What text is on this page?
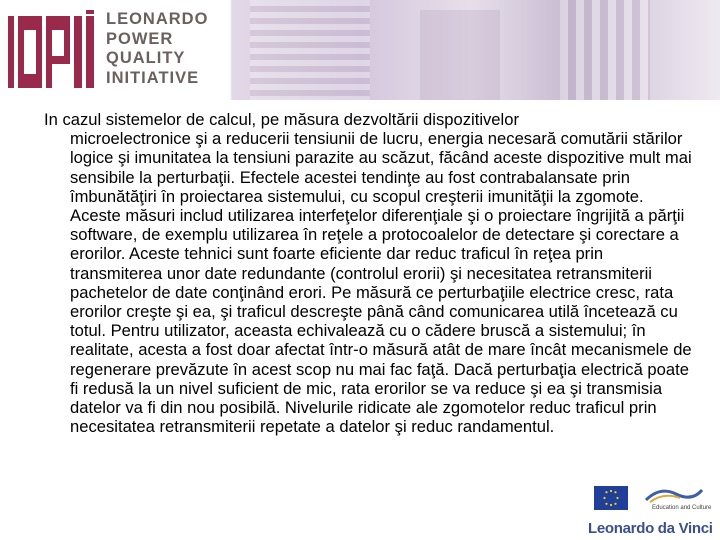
LEONARDO
POWER
QUALITY
INITIATIVE
In cazul sistemelor de calcul, pe măsura dezvoltării dispozitivelor
microelectronice şi a reducerii tensiunii de lucru, energia necesară comutării stărilor logice şi imunitatea la tensiuni parazite au scăzut, făcând aceste dispozitive mult mai sensibile la perturbaţii. Efectele acestei tendinţe au fost contrabalansate prin îmbunătăţiri în proiectarea sistemului, cu scopul creşterii imunităţii la zgomote. Aceste măsuri includ utilizarea interfeţelor diferenţiale şi o proiectare îngrijită a părţii software, de exemplu utilizarea în reţele a protocoalelor de detectare şi corectare a erorilor. Aceste tehnici sunt foarte eficiente dar reduc traficul în reţea prin transmiterea unor date redundante (controlul erorii) şi necesitatea retransmiterii pachetelor de date conţinând erori. Pe măsură ce perturbaţiile electrice cresc, rata erorilor creşte şi ea, şi traficul descreşte până când comunicarea utilă încetează cu totul. Pentru utilizator, aceasta echivalează cu o cădere bruscă a sistemului; în realitate, acesta a fost doar afectat într-o măsură atât de mare încât mecanismele de regenerare prevăzute în acest scop nu mai fac faţă. Dacă perturbaţia electrică poate fi redusă la un nivel suficient de mic, rata erorilor se va reduce şi ea şi transmisia datelor va fi din nou posibilă. Nivelurile ridicate ale zgomotelor reduc traficul prin necesitatea retransmiterii repetate a datelor şi reduc randamentul.
Education and Culture
Leonardo da Vinci
